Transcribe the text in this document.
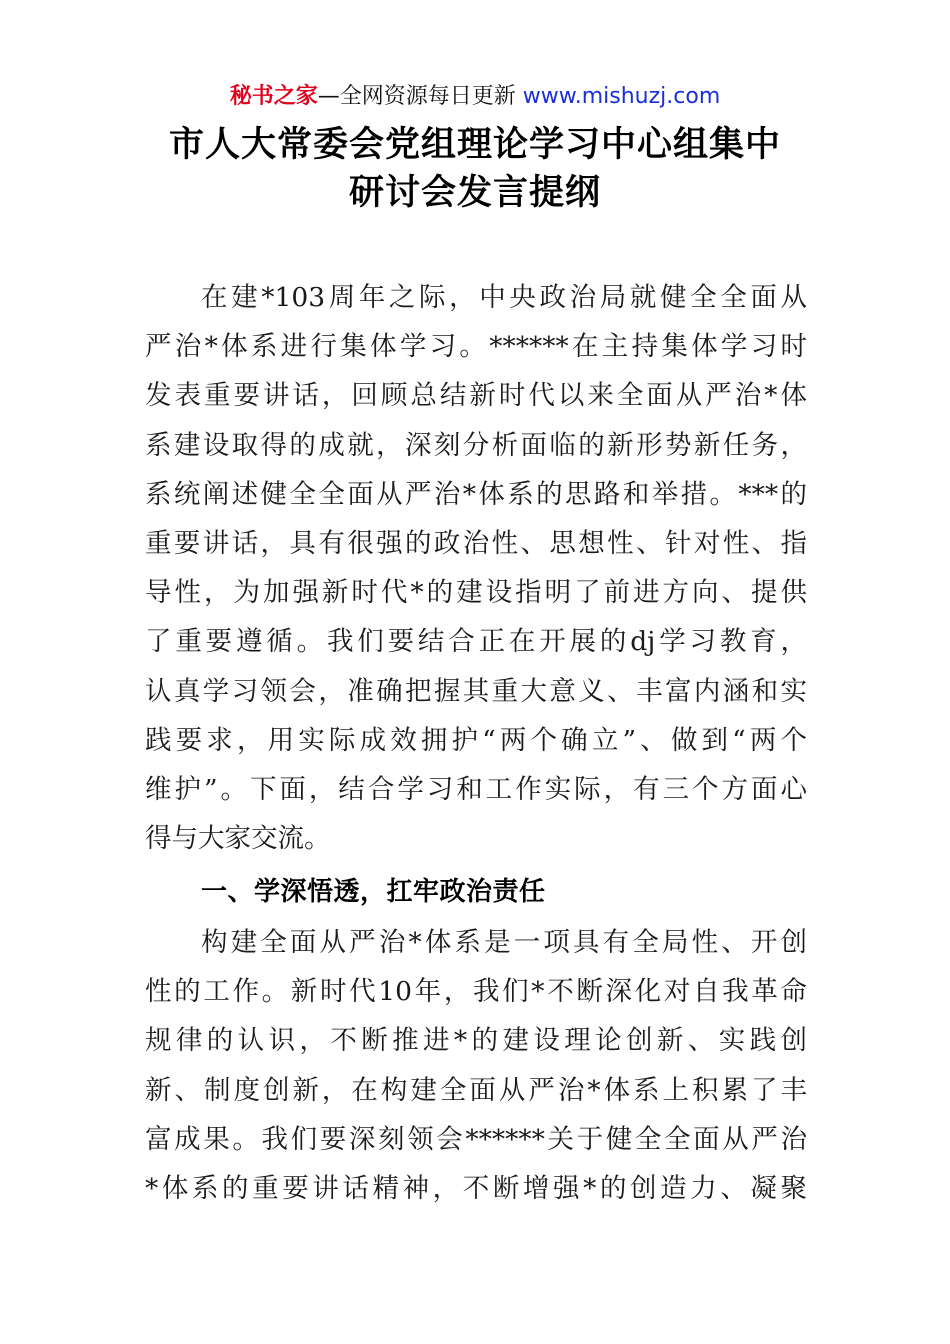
秘书之家—全网资源每日更新 www.mishuzj.com
市人大常委会党组理论学习中心组集中
研讨会发言提纲
在建*103周年之际，中央政治局就健全全面从
严治*体系进行集体学习。******在主持集体学习时
发表重要讲话，回顾总结新时代以来全面从严治*体
系建设取得的成就，深刻分析面临的新形势新任务，
系统阐述健全全面从严治*体系的思路和举措。***的
重要讲话，具有很强的政治性、思想性、针对性、指
导性，为加强新时代*的建设指明了前进方向、提供
了重要遵循。我们要结合正在开展的dj学习教育，
认真学习领会，准确把握其重大意义、丰富内涵和实
践要求，用实际成效拥护“两个确立”、做到“两个
维护”。下面，结合学习和工作实际，有三个方面心
得与大家交流。
一、学深悟透，扛牢政治责任
构建全面从严治*体系是一项具有全局性、开创
性的工作。新时代10年，我们*不断深化对自我革命
规律的认识，不断推进*的建设理论创新、实践创
新、制度创新，在构建全面从严治*体系上积累了丰
富成果。我们要深刻领会******关于健全全面从严治
*体系的重要讲话精神，不断增强*的创造力、凝聚
